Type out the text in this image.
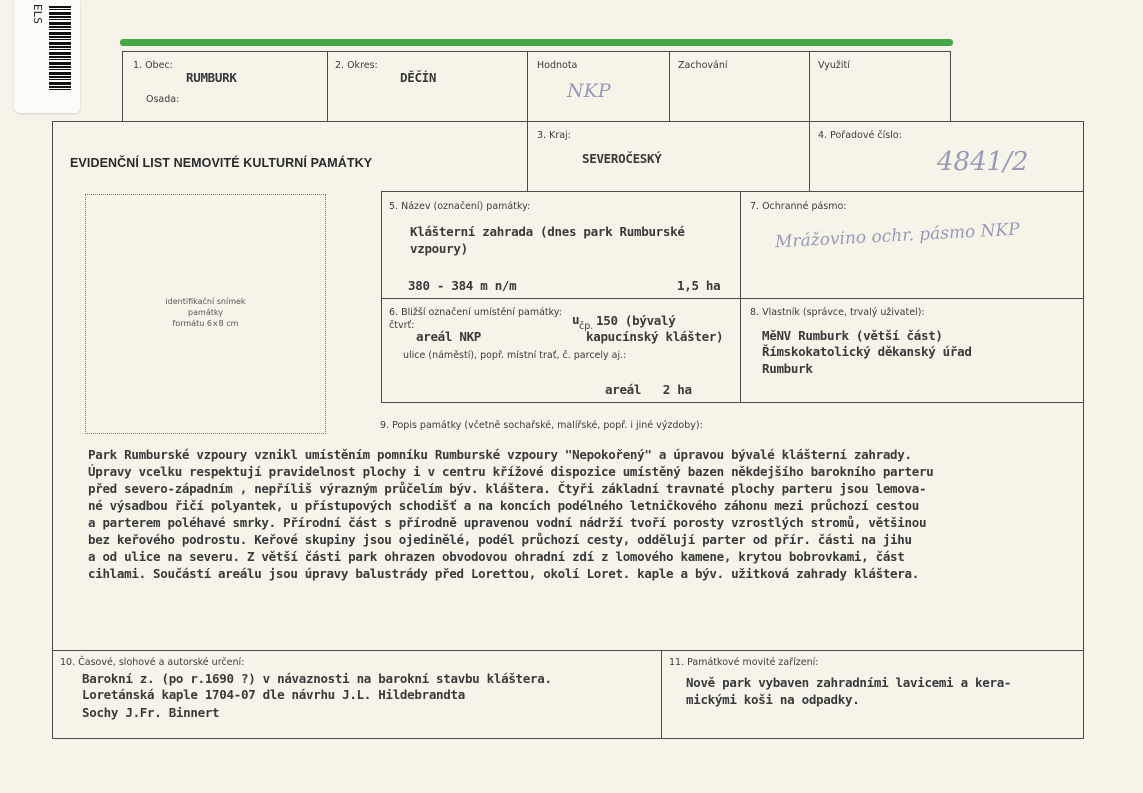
ELS
1. Obec:
RUMBURK
Osada:
2. Okres:
DĚČÍN
Hodnota
NKP
Zachování	Využití
EVIDENČNÍ LIST NEMOVITÉ KULTURNÍ PAMÁTKY
3. Kraj:
SEVEROČESKÝ
4. Pořadové číslo:
4841/2
identifikační snímek
památky
formátu 6×8 cm
5. Název (označení) památky:
Klášterní zahrada (dnes park Rumburské
vzpoury)
380 - 384 m n/m	1,5 ha
7. Ochranné pásmo:
Mrážovino ochr. pásmo NKP
6. Bližší označení umístění památky:
čtvrť:
areál NKP
u čp. 150 (bývalý
kapucínský klášter)
ulice (náměstí), popř. místní trať, č. parcely aj.:
areál   2 ha
8. Vlastník (správce, trvalý uživatel):
MěNV Rumburk (větší část)
Římskokatolický děkanský úřad
Rumburk
9. Popis památky (včetně sochařské, malířské, popř. i jiné výzdoby):
Park Rumburské vzpoury vznikl umístěním pomníku Rumburské vzpoury "Nepokořený" a úpravou bývalé klášterní zahrady.
Úpravy vcelku respektují pravidelnost plochy i v centru křížové dispozice umístěný bazen někdejšího barokního parteru
před severo-západním , nepříliš výrazným průčelím býv. kláštera. Čtyři základní travnaté plochy parteru jsou lemova-
né výsadbou řičí polyantek, u přístupových schodišť a na koncích podélného letničkového záhonu mezi průchozí cestou
a parterem poléhavé smrky. Přírodní část s přírodně upravenou vodní nádrží tvoří porosty vzrostlých stromů, většinou
bez keřového podrostu. Keřové skupiny jsou ojedinělé, podél průchozí cesty, oddělují parter od přír. části na jihu
a od ulice na severu. Z větší části park ohrazen obvodovou ohradní zdí z lomového kamene, krytou bobrovkami, část
cihlami. Součástí areálu jsou úpravy balustrády před Lorettou, okolí Loret. kaple a býv. užitková zahrady kláštera.
10. Časové, slohové a autorské určení:
Barokní z. (po r.1690 ?) v návaznosti na barokní stavbu kláštera.
Loretánská kaple 1704-07 dle návrhu J.L. Hildebrandta
Sochy J.Fr. Binnert
11. Památkové movité zařízení:
Nově park vybaven zahradními lavicemi a kera-
mickými koši na odpadky.
